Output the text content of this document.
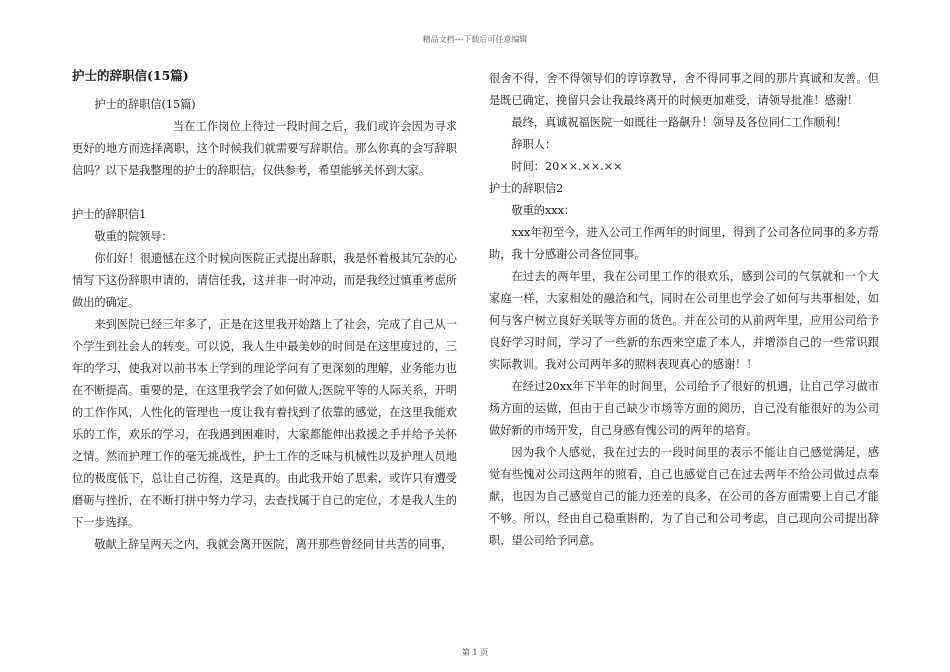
精品文档---下载后可任意编辑

护士的辞职信(15篇)

护士的辞职信(15篇)

当在工作岗位上待过一段时间之后，我们或许会因为寻求更好的地方而选择离职，这个时候我们就需要写辞职信。那么你真的会写辞职信吗？以下是我整理的护士的辞职信，仅供参考，希望能够关怀到大家。

护士的辞职信1

敬重的院领导：

你们好！很遗憾在这个时候向医院正式提出辞职，我是怀着极其冗杂的心情写下这份辞职申请的，请信任我，这并非一时冲动，而是我经过慎重考虑所做出的确定。

来到医院已经三年多了，正是在这里我开始踏上了社会，完成了自己从一个学生到社会人的转变。可以说，我人生中最美妙的时间是在这里度过的，三年的学习，使我对以前书本上学到的理论学问有了更深刻的理解，业务能力也在不断提高。重要的是，在这里我学会了如何做人;医院平等的人际关系，开明的工作作风，人性化的管理也一度让我有着找到了依靠的感觉，在这里我能欢乐的工作，欢乐的学习，在我遇到困难时，大家都能伸出救援之手并给予关怀之情。然而护理工作的毫无挑战性，护士工作的乏味与机械性以及护理人员地位的极度低下，总让自己彷徨，这是真的。由此我开始了思索，或许只有遭受磨砺与挫折，在不断打拼中努力学习，去查找属于自己的定位，才是我人生的下一步选择。

敬献上辞呈两天之内，我就会离开医院，离开那些曾经同甘共苦的同事，

很舍不得，舍不得领导们的谆谆教导，舍不得同事之间的那片真诚和友善。但是既已确定，挽留只会让我最终离开的时候更加难受，请领导批准！感谢！

最终，真诚祝福医院一如既往一路飙升！领导及各位同仁工作顺利！

辞职人：

时间：20××.××.××

护士的辞职信2

敬重的xxx：

xxx年初至今，进入公司工作两年的时间里，得到了公司各位同事的多方帮助，我十分感谢公司各位同事。

在过去的两年里，我在公司里工作的很欢乐，感到公司的气氛就和一个大家庭一样，大家相处的融洽和气，同时在公司里也学会了如何与共事相处，如何与客户树立良好关联等方面的货色。并在公司的从前两年里，应用公司给予良好学习时间，学习了一些新的东西来空虚了本人，并增添自己的一些常识跟实际教训。我对公司两年多的照料表现真心的感谢！！

在经过20xx年下半年的时间里，公司给予了很好的机遇，让自己学习做市场方面的运做，但由于自己缺少市场等方面的阅历，自己没有能很好的为公司做好新的市场开发，自己身感有愧公司的两年的培育。

因为我个人感觉，我在过去的一段时间里的表示不能让自己感觉满足，感觉有些愧对公司这两年的照看，自己也感觉自己在过去两年不给公司做过点奉献，也因为自己感觉自己的能力还差的良多，在公司的各方面需要上自己才能不够。所以，经由自己稳重斟酌，为了自己和公司考虑，自己现向公司提出辞职，望公司给予同意。

第 1 页
